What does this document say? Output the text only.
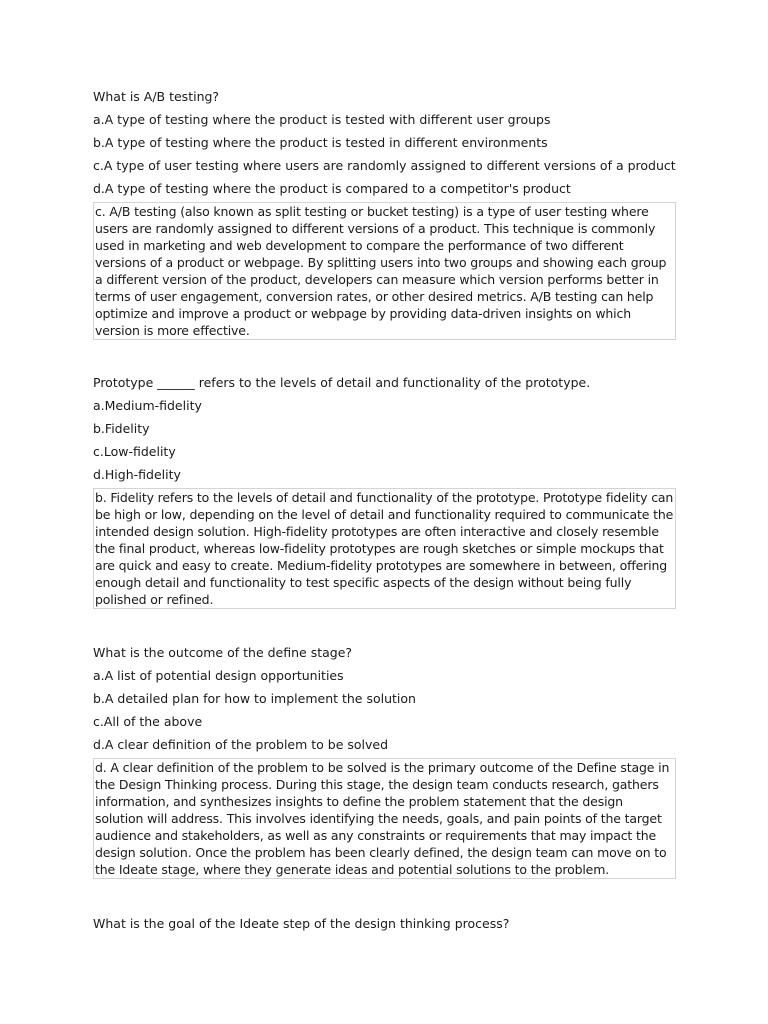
What is A/B testing?
a.A type of testing where the product is tested with different user groups
b.A type of testing where the product is tested in different environments
c.A type of user testing where users are randomly assigned to different versions of a product
d.A type of testing where the product is compared to a competitor's product
c. A/B testing (also known as split testing or bucket testing) is a type of user testing where users are randomly assigned to different versions of a product. This technique is commonly used in marketing and web development to compare the performance of two different versions of a product or webpage. By splitting users into two groups and showing each group a different version of the product, developers can measure which version performs better in terms of user engagement, conversion rates, or other desired metrics. A/B testing can help optimize and improve a product or webpage by providing data-driven insights on which version is more effective.
Prototype ______ refers to the levels of detail and functionality of the prototype.
a.Medium-fidelity
b.Fidelity
c.Low-fidelity
d.High-fidelity
b. Fidelity refers to the levels of detail and functionality of the prototype. Prototype fidelity can be high or low, depending on the level of detail and functionality required to communicate the intended design solution. High-fidelity prototypes are often interactive and closely resemble the final product, whereas low-fidelity prototypes are rough sketches or simple mockups that are quick and easy to create. Medium-fidelity prototypes are somewhere in between, offering enough detail and functionality to test specific aspects of the design without being fully polished or refined.
What is the outcome of the define stage?
a.A list of potential design opportunities
b.A detailed plan for how to implement the solution
c.All of the above
d.A clear definition of the problem to be solved
d. A clear definition of the problem to be solved is the primary outcome of the Define stage in the Design Thinking process. During this stage, the design team conducts research, gathers information, and synthesizes insights to define the problem statement that the design solution will address. This involves identifying the needs, goals, and pain points of the target audience and stakeholders, as well as any constraints or requirements that may impact the design solution. Once the problem has been clearly defined, the design team can move on to the Ideate stage, where they generate ideas and potential solutions to the problem.
What is the goal of the Ideate step of the design thinking process?
